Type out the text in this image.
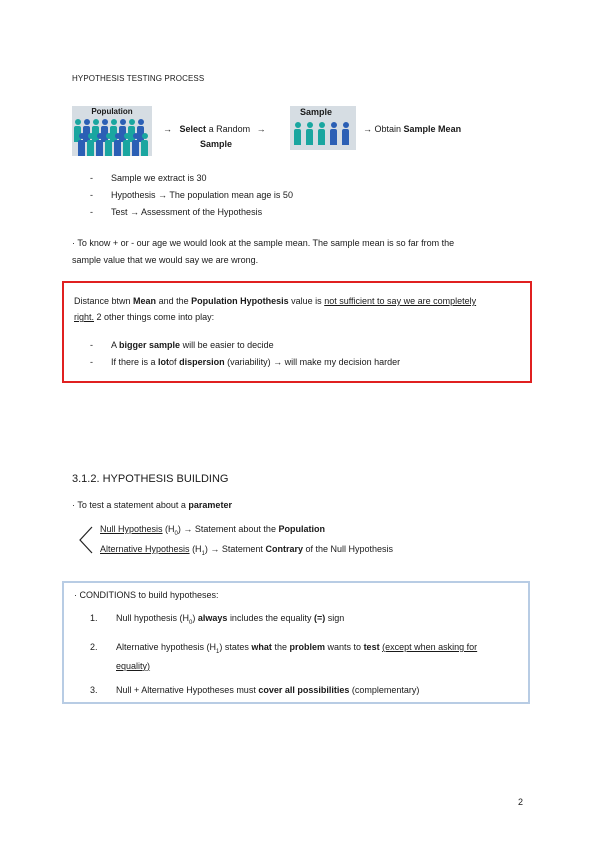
HYPOTHESIS TESTING PROCESS
Population
→ Select a Random →
Sample
Sample
→ Obtain Sample Mean
- Sample we extract is 30
- Hypothesis → The population mean age is 50
- Test → Assessment of the Hypothesis
· To know + or - our age we would look at the sample mean. The sample mean is so far from the
sample value that we would say we are wrong.
Distance btwn Mean and the Population Hypothesis value is not sufficient to say we are completely
right. 2 other things come into play:
- A bigger sample will be easier to decide
- If there is a lotof dispersion (variability) → will make my decision harder
3.1.2. HYPOTHESIS BUILDING
· To test a statement about a parameter
Null Hypothesis $(H_0)$ → Statement about the Population
Alternative Hypothesis $(H_1)$ → Statement Contrary of the Null Hypothesis
· CONDITIONS to build hypotheses:
1. Null hypothesis $(H_0)$ always includes the equality (=) sign
2. Alternative hypothesis $(H_1)$ states what the problem wants to test (except when asking for
equality)
3. Null + Alternative Hypotheses must cover all possibilities (complementary)
2
